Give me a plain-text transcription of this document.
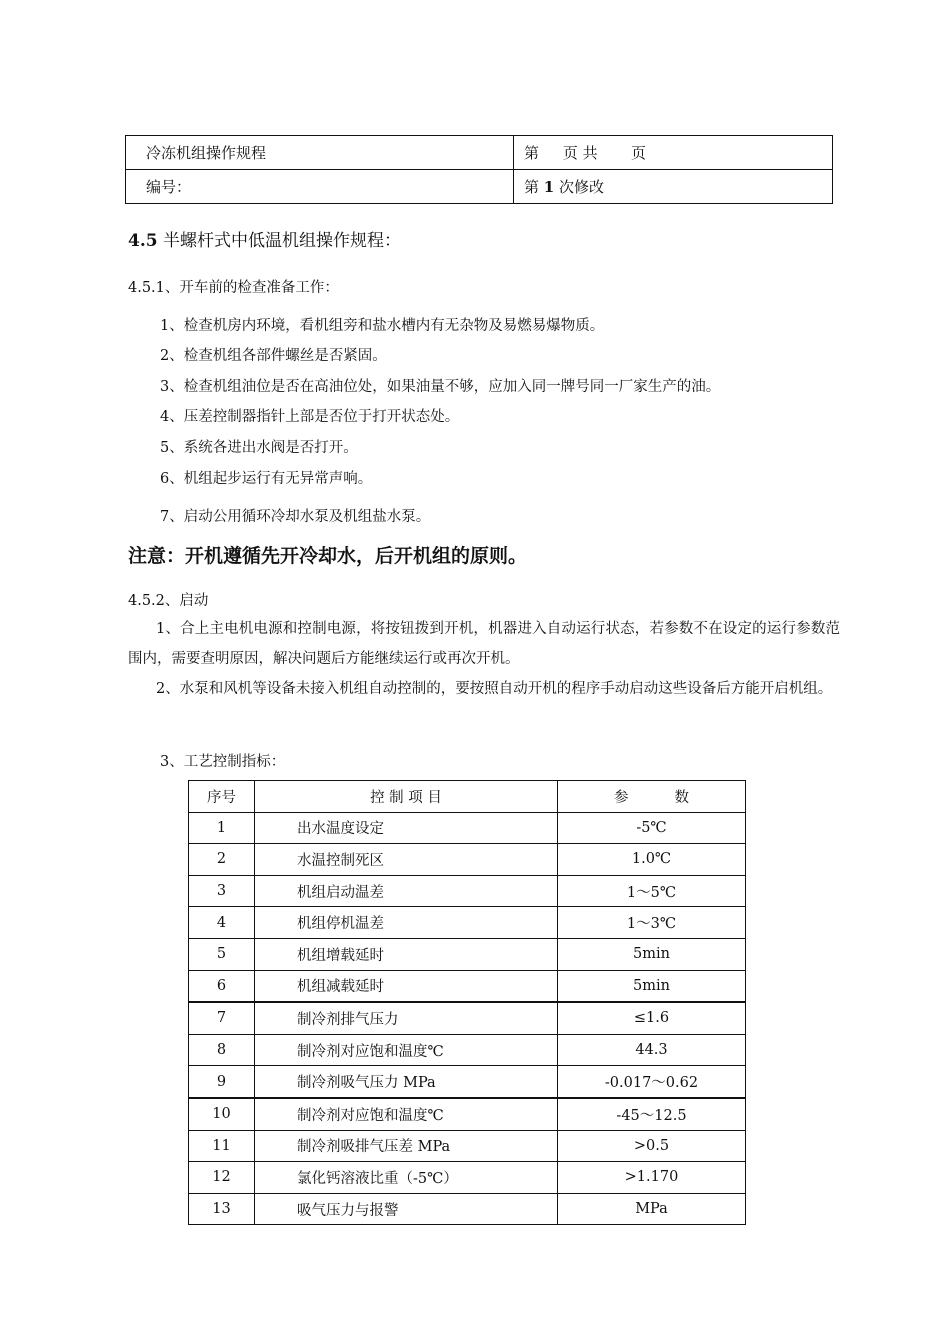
冷冻机组操作规程	第     页 共       页
编号：	第 1 次修改
4.5 半螺杆式中低温机组操作规程：
4.5.1、开车前的检查准备工作：
1、检查机房内环境，看机组旁和盐水槽内有无杂物及易燃易爆物质。
2、检查机组各部件螺丝是否紧固。
3、检查机组油位是否在高油位处，如果油量不够，应加入同一牌号同一厂家生产的油。
4、压差控制器指针上部是否位于打开状态处。
5、系统各进出水阀是否打开。
6、机组起步运行有无异常声响。
7、启动公用循环冷却水泵及机组盐水泵。
注意：开机遵循先开冷却水，后开机组的原则。
4.5.2、启动
1、合上主电机电源和控制电源，将按钮拨到开机，机器进入自动运行状态，若参数不在设定的运行参数范围内，需要查明原因，解决问题后方能继续运行或再次开机。
2、水泵和风机等设备未接入机组自动控制的，要按照自动开机的程序手动启动这些设备后方能开启机组。
3、工艺控制指标：
序号	控 制 项 目	参          数
1	出水温度设定	-5℃
2	水温控制死区	1.0℃
3	机组启动温差	1～5℃
4	机组停机温差	1～3℃
5	机组增载延时	5min
6	机组减载延时	5min
7	制冷剂排气压力	≤1.6
8	制冷剂对应饱和温度℃	44.3
9	制冷剂吸气压力 MPa	-0.017～0.62
10	制冷剂对应饱和温度℃	-45～12.5
11	制冷剂吸排气压差 MPa	>0.5
12	氯化钙溶液比重（-5℃）	>1.170
13	吸气压力与报警	MPa
